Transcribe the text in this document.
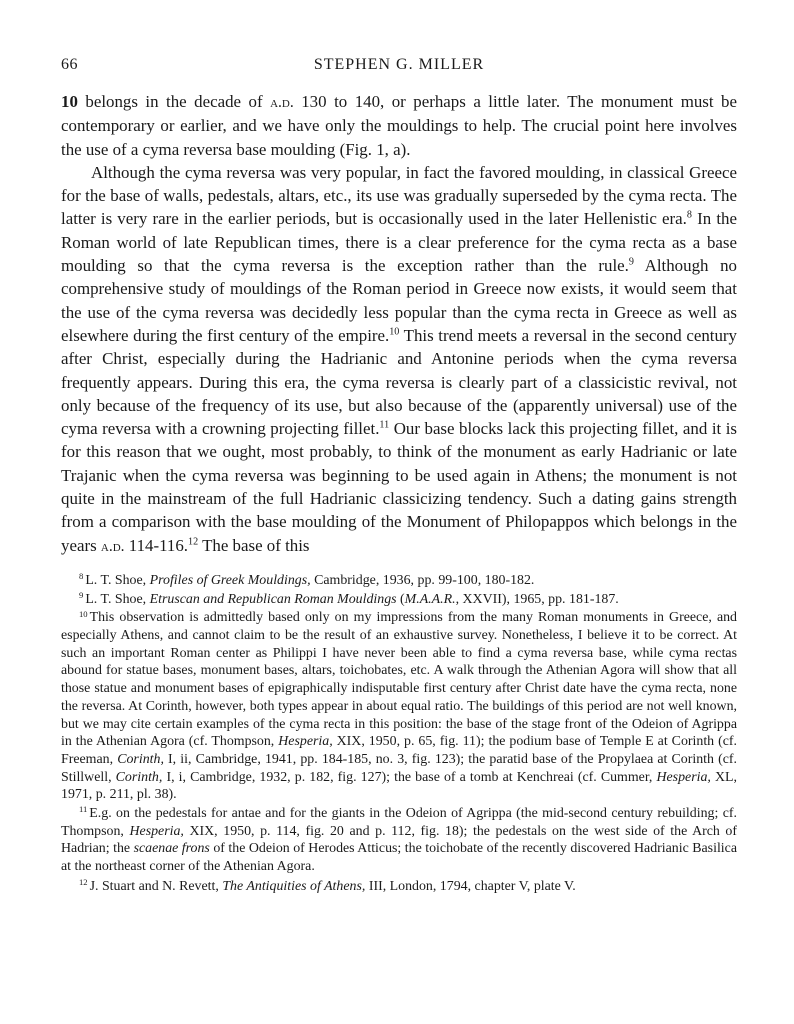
66	STEPHEN G. MILLER

10 belongs in the decade of a.d. 130 to 140, or perhaps a little later. The monument must be contemporary or earlier, and we have only the mouldings to help. The crucial point here involves the use of a cyma reversa base moulding (Fig. 1, a).

Although the cyma reversa was very popular, in fact the favored moulding, in classical Greece for the base of walls, pedestals, altars, etc., its use was gradually superseded by the cyma recta. The latter is very rare in the earlier periods, but is occasionally used in the later Hellenistic era.$^8$ In the Roman world of late Republican times, there is a clear preference for the cyma recta as a base moulding so that the cyma reversa is the exception rather than the rule.$^9$ Although no comprehensive study of mouldings of the Roman period in Greece now exists, it would seem that the use of the cyma reversa was decidedly less popular than the cyma recta in Greece as well as elsewhere during the first century of the empire.$^{10}$ This trend meets a reversal in the second century after Christ, especially during the Hadrianic and Antonine periods when the cyma reversa frequently appears. During this era, the cyma reversa is clearly part of a classicistic revival, not only because of the frequency of its use, but also because of the (apparently universal) use of the cyma reversa with a crowning projecting fillet.$^{11}$ Our base blocks lack this projecting fillet, and it is for this reason that we ought, most probably, to think of the monument as early Hadrianic or late Trajanic when the cyma reversa was beginning to be used again in Athens; the monument is not quite in the mainstream of the full Hadrianic classicizing tendency. Such a dating gains strength from a comparison with the base moulding of the Monument of Philopappos which belongs in the years a.d. 114-116.12 The base of this

$^8$ L. T. Shoe, Profiles of Greek Mouldings, Cambridge, 1936, pp. 99-100, 180-182.

$^9$ L. T. Shoe, Etruscan and Republican Roman Mouldings (M.A.A.R., XXVII), 1965, pp. 181-187.

$^{10}$ This observation is admittedly based only on my impressions from the many Roman monuments in Greece, and especially Athens, and cannot claim to be the result of an exhaustive survey. Nonetheless, I believe it to be correct. At such an important Roman center as Philippi I have never been able to find a cyma reversa base, while cyma rectas abound for statue bases, monument bases, altars, toichobates, etc. A walk through the Athenian Agora will show that all those statue and monument bases of epigraphically indisputable first century after Christ date have the cyma recta, none the reversa. At Corinth, however, both types appear in about equal ratio. The buildings of this period are not well known, but we may cite certain examples of the cyma recta in this position: the base of the stage front of the Odeion of Agrippa in the Athenian Agora (cf. Thompson, Hesperia, XIX, 1950, p. 65, fig. 11); the podium base of Temple E at Corinth (cf. Freeman, Corinth, I, ii, Cambridge, 1941, pp. 184-185, no. 3, fig. 123); the paratid base of the Propylaea at Corinth (cf. Stillwell, Corinth, I, i, Cambridge, 1932, p. 182, fig. 127); the base of a tomb at Kenchreai (cf. Cummer, Hesperia, XL, 1971, p. 211, pl. 38).

$^{11}$ E.g. on the pedestals for antae and for the giants in the Odeion of Agrippa (the mid-second century rebuilding; cf. Thompson, Hesperia, XIX, 1950, p. 114, fig. 20 and p. 112, fig. 18); the pedestals on the west side of the Arch of Hadrian; the scaenae frons of the Odeion of Herodes Atticus; the toichobate of the recently discovered Hadrianic Basilica at the northeast corner of the Athenian Agora.

$^{12}$ J. Stuart and N. Revett, The Antiquities of Athens, III, London, 1794, chapter V, plate V.
